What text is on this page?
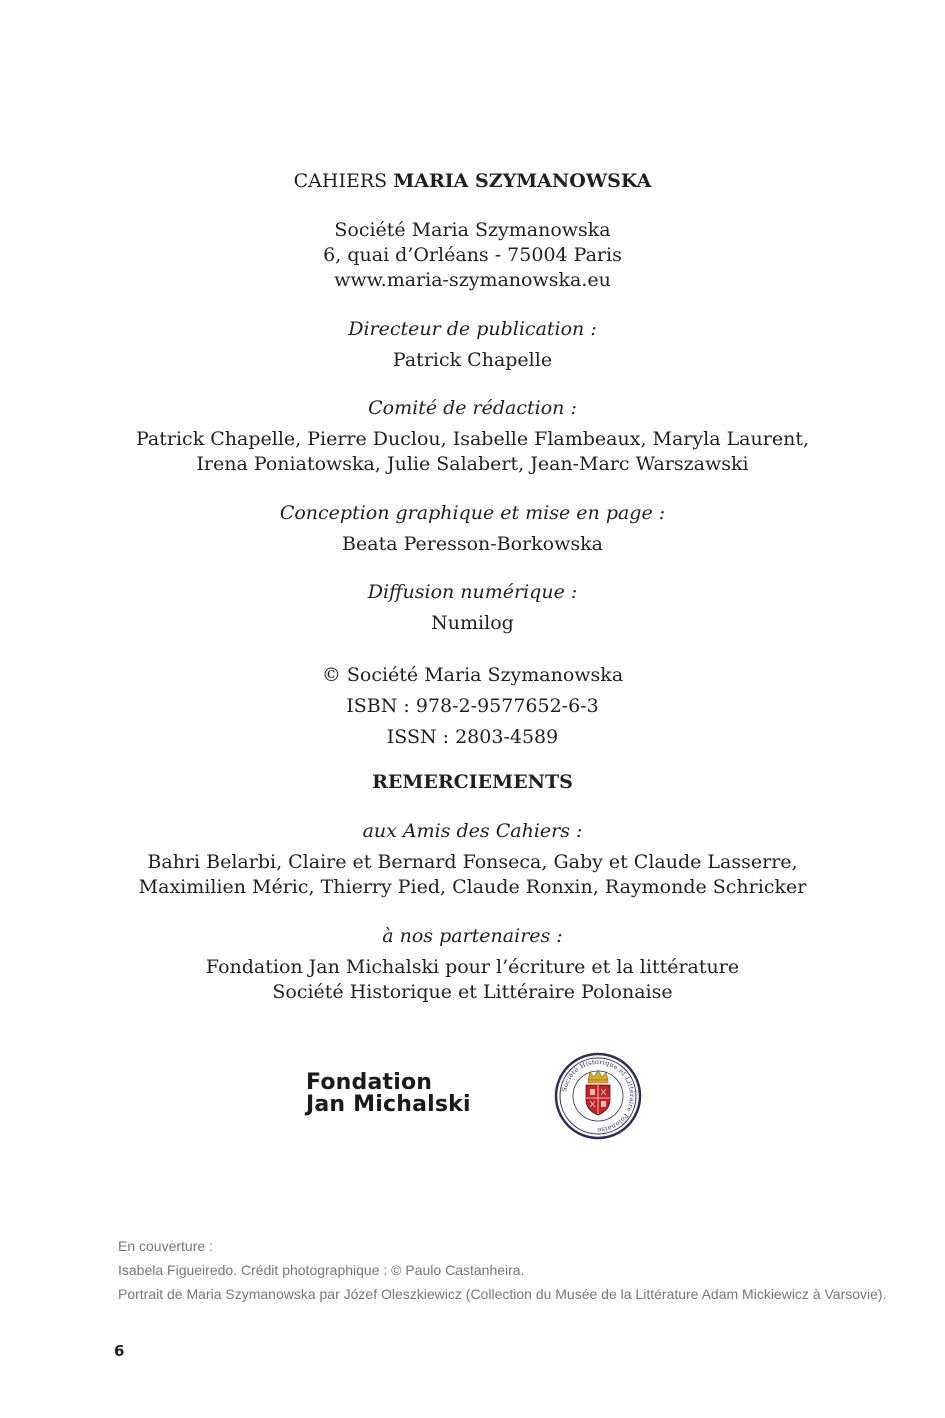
CAHIERS MARIA SZYMANOWSKA
Société Maria Szymanowska
6, quai d’Orléans - 75004 Paris
www.maria-szymanowska.eu
Directeur de publication :
Patrick Chapelle
Comité de rédaction :
Patrick Chapelle, Pierre Duclou, Isabelle Flambeaux, Maryla Laurent,
Irena Poniatowska, Julie Salabert, Jean-Marc Warszawski
Conception graphique et mise en page :
Beata Peresson-Borkowska
Diffusion numérique :
Numilog
© Société Maria Szymanowska
ISBN : 978-2-9577652-6-3
ISSN : 2803-4589
REMERCIEMENTS
aux Amis des Cahiers :
Bahri Belarbi, Claire et Bernard Fonseca, Gaby et Claude Lasserre,
Maximilien Méric, Thierry Pied, Claude Ronxin, Raymonde Schricker
à nos partenaires :
Fondation Jan Michalski pour l’écriture et la littérature
Société Historique et Littéraire Polonaise
Fondation
Jan Michalski
Société Historique et Littéraire Polonaise
En couverture :
Isabela Figueiredo. Crédit photographique : © Paulo Castanheira.
Portrait de Maria Szymanowska par Józef Oleszkiewicz (Collection du Musée de la Littérature Adam Mickiewicz à Varsovie).
6
